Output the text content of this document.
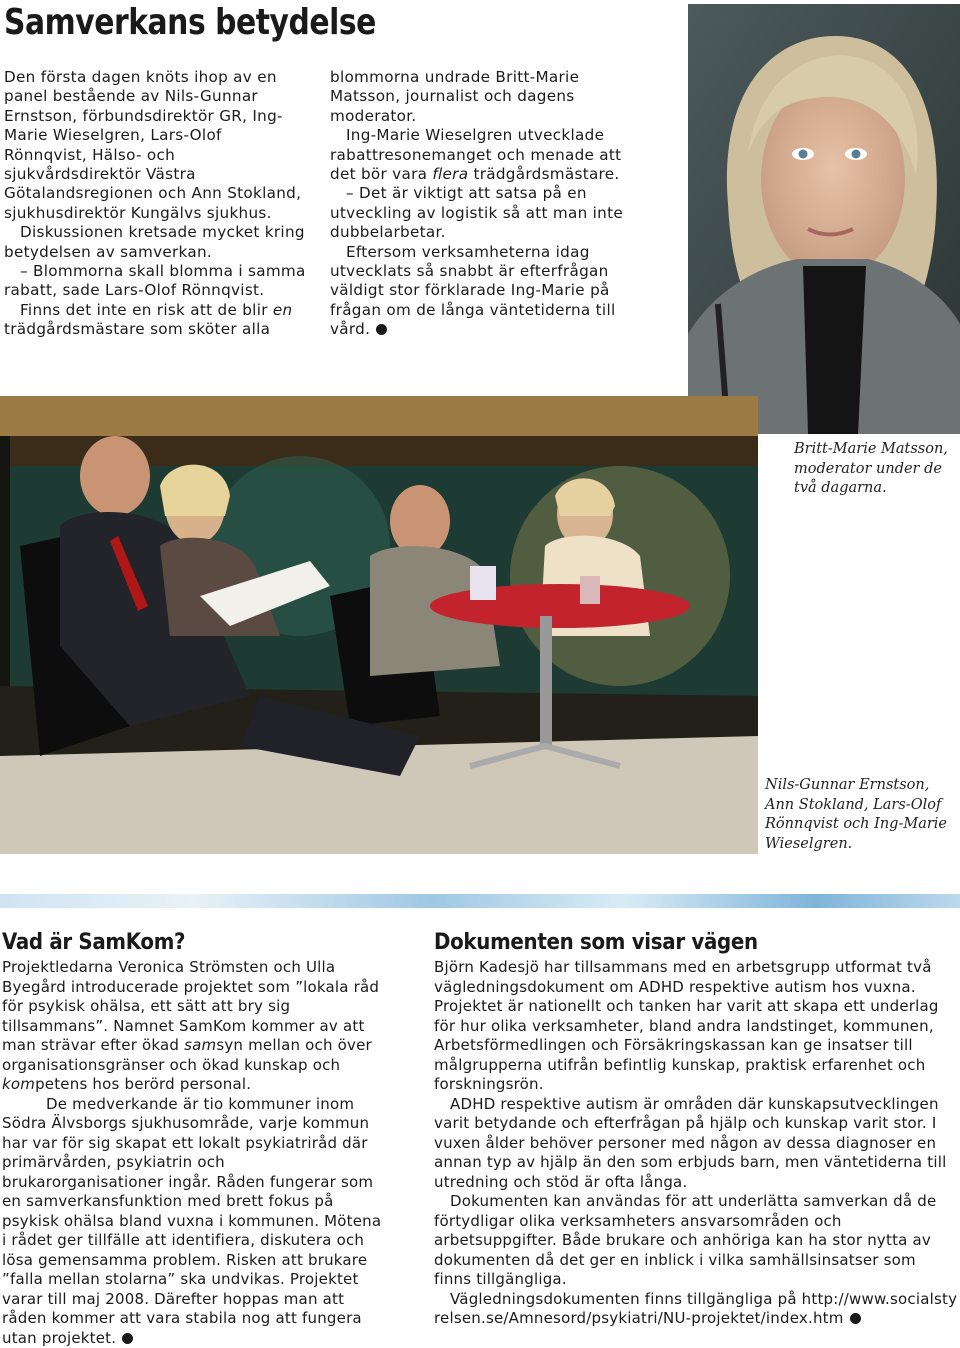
Samverkans betydelse

Den första dagen knöts ihop av en panel bestående av Nils-Gunnar Ernstson, förbundsdirektör GR, Ing-Marie Wieselgren, Lars-Olof Rönnqvist, Hälso- och sjukvårdsdirektör Västra Götalandsregionen och Ann Stokland, sjukhusdirektör Kungälvs sjukhus.

Diskussionen kretsade mycket kring betydelsen av samverkan.

– Blommorna skall blomma i samma rabatt, sade Lars-Olof Rönnqvist.

Finns det inte en risk att de blir en trädgårdsmästare som sköter alla

blommorna undrade Britt-Marie Matsson, journalist och dagens moderator.

Ing-Marie Wieselgren utvecklade rabattresonemanget och menade att det bör vara flera trädgårdsmästare.

– Det är viktigt att satsa på en utveckling av logistik så att man inte dubbelarbetar.

Eftersom verksamheterna idag utvecklats så snabbt är efterfrågan väldigt stor förklarade Ing-Marie på frågan om de långa väntetiderna till vård.

Britt-Marie Matsson, moderator under de två dagarna.
Nils-Gunnar Ernstson, Ann Stokland, Lars-Olof Rönnqvist och Ing-Marie Wieselgren.
Vad är SamKom?

Projektledarna Veronica Strömsten och Ulla Byegård introducerade projektet som ”lokala råd för psykisk ohälsa, ett sätt att bry sig tillsammans”. Namnet SamKom kommer av att man strävar efter ökad samsyn mellan och över organisationsgränser och ökad kunskap och kompetens hos berörd personal.

De medverkande är tio kommuner inom Södra Älvsborgs sjukhusområde, varje kommun har var för sig skapat ett lokalt psykiatriråd där primärvården, psykiatrin och brukarorganisationer ingår. Råden fungerar som en samverkansfunktion med brett fokus på psykisk ohälsa bland vuxna i kommunen. Mötena i rådet ger tillfälle att identifiera, diskutera och lösa gemensamma problem. Risken att brukare ”falla mellan stolarna” ska undvikas. Projektet varar till maj 2008. Därefter hoppas man att råden kommer att vara stabila nog att fungera utan projektet.

Dokumenten som visar vägen

Björn Kadesjö har tillsammans med en arbetsgrupp utformat två vägledningsdokument om ADHD respektive autism hos vuxna. Projektet är nationellt och tanken har varit att skapa ett underlag för hur olika verksamheter, bland andra landstinget, kommunen, Arbetsförmedlingen och Försäkringskassan kan ge insatser till målgrupperna utifrån befintlig kunskap, praktisk erfarenhet och forskningsrön.

ADHD respektive autism är områden där kunskapsutvecklingen varit betydande och efterfrågan på hjälp och kunskap varit stor. I vuxen ålder behöver personer med någon av dessa diagnoser en annan typ av hjälp än den som erbjuds barn, men väntetiderna till utredning och stöd är ofta långa.

Dokumenten kan användas för att underlätta samverkan då de förtydligar olika verksamheters ansvarsområden och arbetsuppgifter. Både brukare och anhöriga kan ha stor nytta av dokumenten då det ger en inblick i vilka samhällsinsatser som finns tillgängliga.

Vägledningsdokumenten finns tillgängliga på http://www.socialstyrelsen.se/Amnesord/psykiatri/NU-projektet/index.htm
